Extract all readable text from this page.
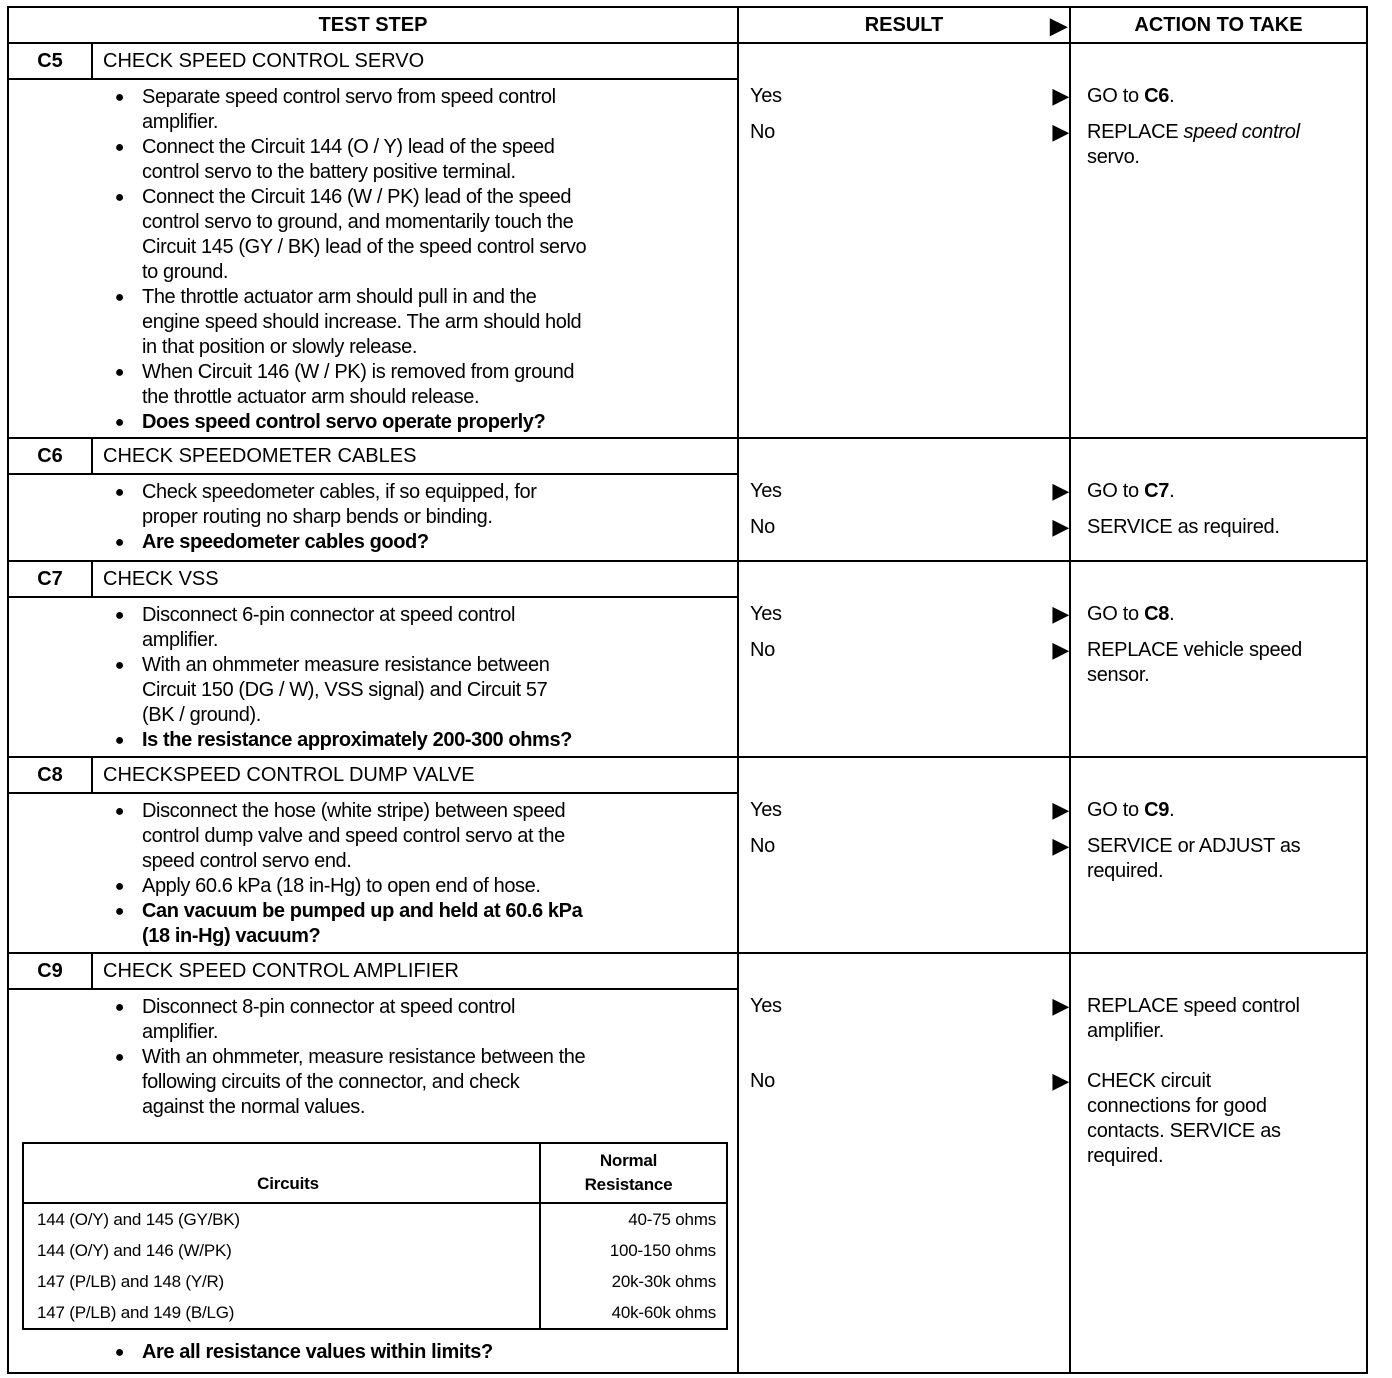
TEST STEP	RESULT	▶	ACTION TO TAKE
C5	CHECK SPEED CONTROL SERVO
● Separate speed control servo from speed control
amplifier.
● Connect the Circuit 144 (O / Y) lead of the speed
control servo to the battery positive terminal.
● Connect the Circuit 146 (W / PK) lead of the speed
control servo to ground, and momentarily touch the
Circuit 145 (GY / BK) lead of the speed control servo
to ground.
● The throttle actuator arm should pull in and the
engine speed should increase. The arm should hold
in that position or slowly release.
● When Circuit 146 (W / PK) is removed from ground
the throttle actuator arm should release.
● Does speed control servo operate properly?
Yes	▶ GO to C6.
No	▶ REPLACE speed control
servo.
C6	CHECK SPEEDOMETER CABLES
● Check speedometer cables, if so equipped, for
proper routing no sharp bends or binding.
● Are speedometer cables good?
Yes	▶ GO to C7.
No	▶ SERVICE as required.
C7	CHECK VSS
● Disconnect 6-pin connector at speed control
amplifier.
● With an ohmmeter measure resistance between
Circuit 150 (DG / W), VSS signal) and Circuit 57
(BK / ground).
● Is the resistance approximately 200-300 ohms?
Yes	▶ GO to C8.
No	▶ REPLACE vehicle speed
sensor.
C8	CHECKSPEED CONTROL DUMP VALVE
● Disconnect the hose (white stripe) between speed
control dump valve and speed control servo at the
speed control servo end.
● Apply 60.6 kPa (18 in-Hg) to open end of hose.
● Can vacuum be pumped up and held at 60.6 kPa
(18 in-Hg) vacuum?
Yes	▶ GO to C9.
No	▶ SERVICE or ADJUST as
required.
C9	CHECK SPEED CONTROL AMPLIFIER
● Disconnect 8-pin connector at speed control
amplifier.
● With an ohmmeter, measure resistance between the
following circuits of the connector, and check
against the normal values.
Circuits
Normal
Resistance
144 (O/Y) and 145 (GY/BK)	40-75 ohms
144 (O/Y) and 146 (W/PK)	100-150 ohms
147 (P/LB) and 148 (Y/R)	20k-30k ohms
147 (P/LB) and 149 (B/LG)	40k-60k ohms
● Are all resistance values within limits?
Yes	▶ REPLACE speed control
amplifier.
No	▶ CHECK circuit
connections for good
contacts. SERVICE as
required.
